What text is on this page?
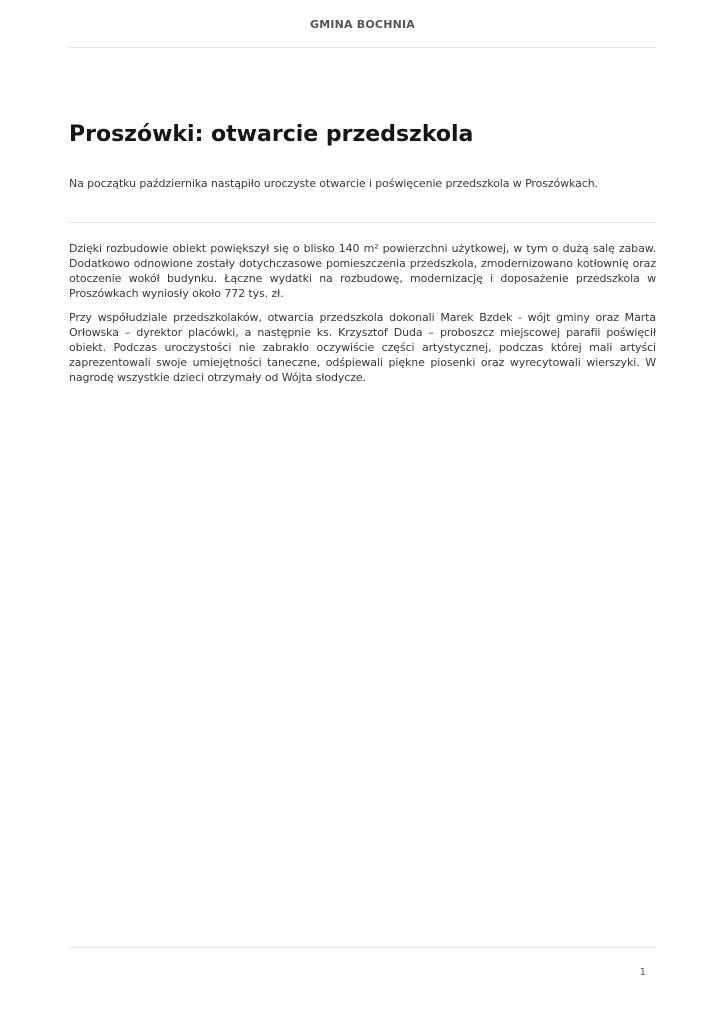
GMINA BOCHNIA
Proszówki: otwarcie przedszkola

Na początku października nastąpiło uroczyste otwarcie i poświęcenie przedszkola w Proszówkach.

Dzięki rozbudowie obiekt powiększył się o blisko 140 m² powierzchni użytkowej, w tym o dużą salę zabaw. Dodatkowo odnowione zostały dotychczasowe pomieszczenia przedszkola, zmodernizowano kotłownię oraz otoczenie wokół budynku. Łączne wydatki na rozbudowę, modernizację i doposażenie przedszkola w Proszówkach wyniosły około 772 tys. zł.

Przy współudziale przedszkolaków, otwarcia przedszkola dokonali Marek Bzdek - wójt gminy oraz Marta Orłowska – dyrektor placówki, a następnie ks. Krzysztof Duda – proboszcz miejscowej parafii poświęcił obiekt. Podczas uroczystości nie zabrakło oczywiście części artystycznej, podczas której mali artyści zaprezentowali swoje umiejętności taneczne, odśpiewali piękne piosenki oraz wyrecytowali wierszyki. W nagrodę wszystkie dzieci otrzymały od Wójta słodycze.

1
